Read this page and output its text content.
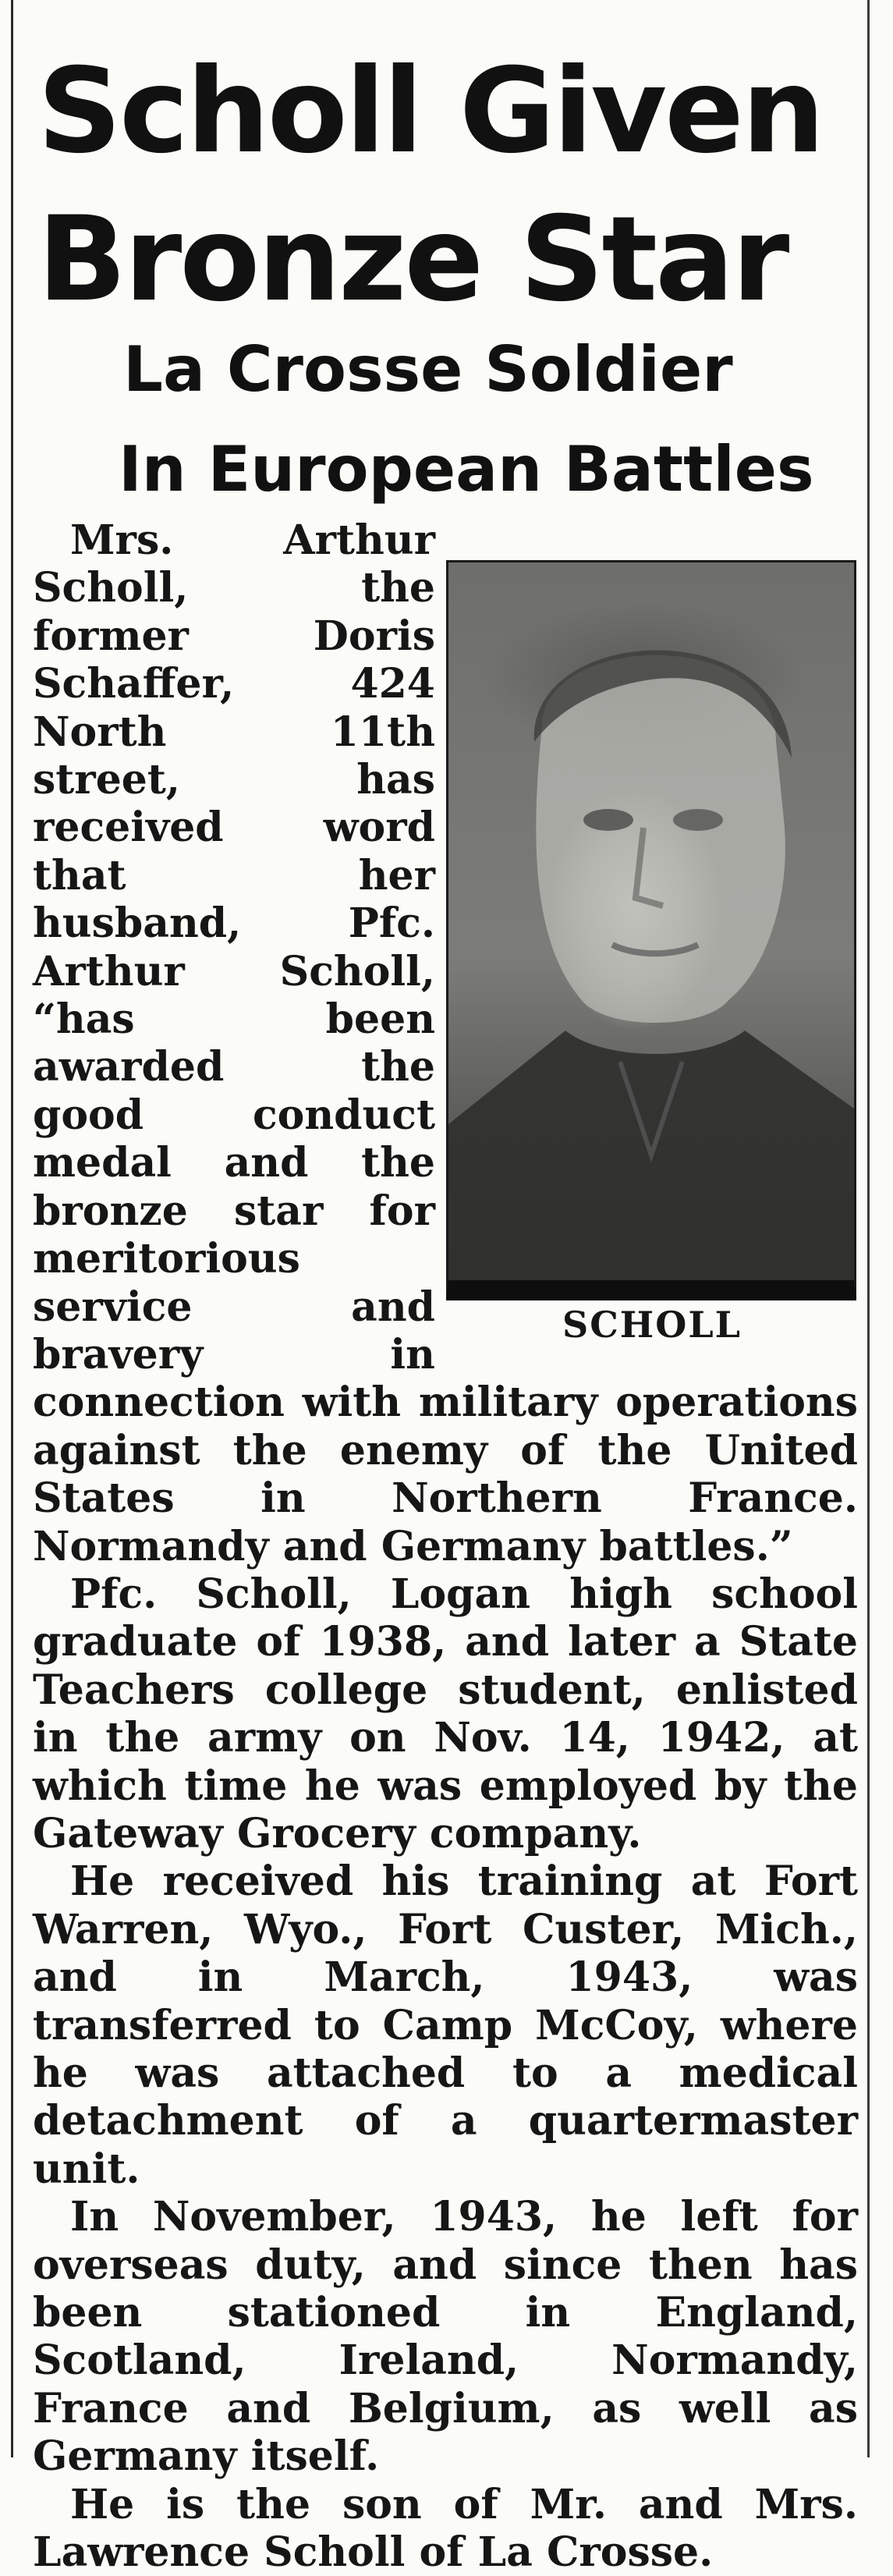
Scholl Given Bronze Star
La Crosse Soldier
In European Battles
SCHOLL

Mrs. Arthur Scholl, the former Doris Schaffer, 424 North 11th street, has received word that her husband, Pfc. Arthur Scholl, “has been awarded the good conduct medal and the bronze star for meritorious service and bravery in connection with military operations against the enemy of the United States in Northern France. Normandy and Germany battles.”

Pfc. Scholl, Logan high school graduate of 1938, and later a State Teachers college student, enlisted in the army on Nov. 14, 1942, at which time he was employed by the Gateway Grocery company.

He received his training at Fort Warren, Wyo., Fort Custer, Mich., and in March, 1943, was transferred to Camp McCoy, where he was attached to a medical detachment of a quartermaster unit.

In November, 1943, he left for overseas duty, and since then has been stationed in England, Scotland, Ireland, Normandy, France and Belgium, as well as Germany itself.

He is the son of Mr. and Mrs. Lawrence Scholl of La Crosse.
